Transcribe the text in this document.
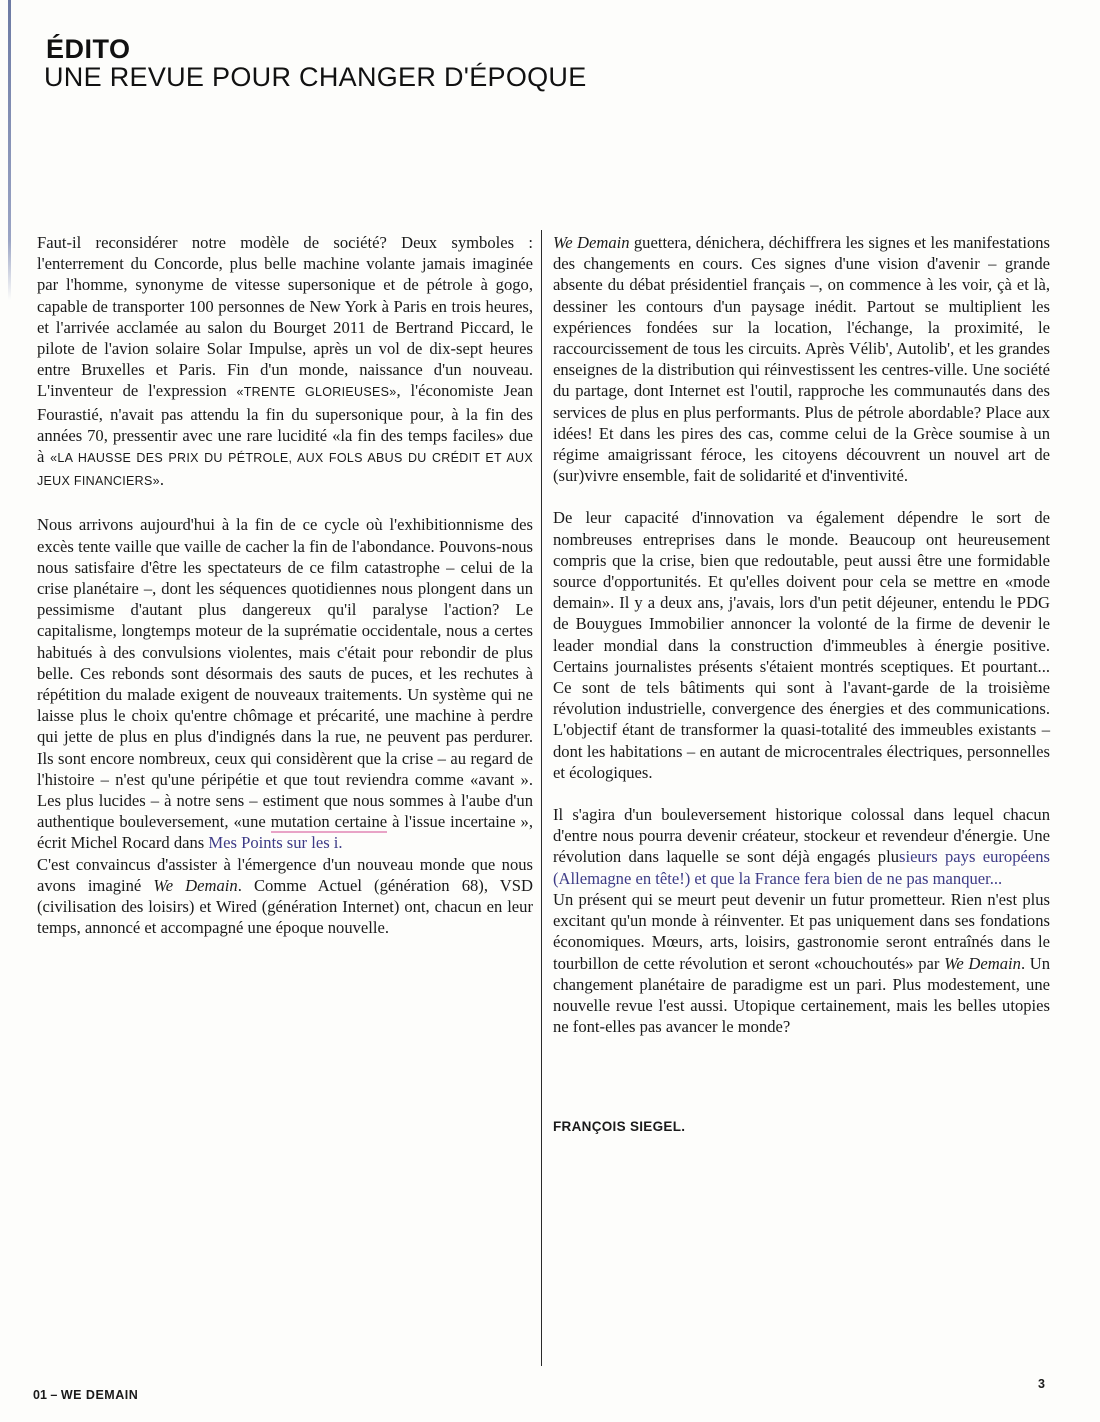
ÉDITO
UNE REVUE POUR CHANGER D'ÉPOQUE

Faut-il reconsidérer notre modèle de société? Deux symboles : l'enterrement du Concorde, plus belle machine volante jamais imaginée par l'homme, synonyme de vitesse supersonique et de pétrole à gogo, capable de transporter 100 personnes de New York à Paris en trois heures, et l'arrivée acclamée au salon du Bourget 2011 de Bertrand Piccard, le pilote de l'avion solaire Solar Impulse, après un vol de dix-sept heures entre Bruxelles et Paris. Fin d'un monde, naissance d'un nouveau. L'inventeur de l'expression «TRENTE GLORIEUSES», l'économiste Jean Fourastié, n'avait pas attendu la fin du supersonique pour, à la fin des années 70, pressentir avec une rare lucidité «la fin des temps faciles» due à «LA HAUSSE DES PRIX DU PÉTROLE, AUX FOLS ABUS DU CRÉDIT ET AUX JEUX FINANCIERS».

Nous arrivons aujourd'hui à la fin de ce cycle où l'exhibitionnisme des excès tente vaille que vaille de cacher la fin de l'abondance. Pouvons-nous nous satisfaire d'être les spectateurs de ce film catastrophe – celui de la crise planétaire –, dont les séquences quotidiennes nous plongent dans un pessimisme d'autant plus dangereux qu'il paralyse l'action? Le capitalisme, longtemps moteur de la suprématie occidentale, nous a certes habitués à des convulsions violentes, mais c'était pour rebondir de plus belle. Ces rebonds sont désormais des sauts de puces, et les rechutes à répétition du malade exigent de nouveaux traitements. Un système qui ne laisse plus le choix qu'entre chômage et précarité, une machine à perdre qui jette de plus en plus d'indignés dans la rue, ne peuvent pas perdurer. Ils sont encore nombreux, ceux qui considèrent que la crise – au regard de l'histoire – n'est qu'une péripétie et que tout reviendra comme «avant ». Les plus lucides – à notre sens – estiment que nous sommes à l'aube d'un authentique bouleversement, «une mutation certaine à l'issue incertaine », écrit Michel Rocard dans Mes Points sur les i.

C'est convaincus d'assister à l'émergence d'un nouveau monde que nous avons imaginé We Demain. Comme Actuel (génération 68), VSD (civilisation des loisirs) et Wired (génération Internet) ont, chacun en leur temps, annoncé et accompagné une époque nouvelle.

We Demain guettera, dénichera, déchiffrera les signes et les manifestations des changements en cours. Ces signes d'une vision d'avenir – grande absente du débat présidentiel français –, on commence à les voir, çà et là, dessiner les contours d'un paysage inédit. Partout se multiplient les expériences fondées sur la location, l'échange, la proximité, le raccourcissement de tous les circuits. Après Vélib', Autolib', et les grandes enseignes de la distribution qui réinvestissent les centres-ville. Une société du partage, dont Internet est l'outil, rapproche les communautés dans des services de plus en plus performants. Plus de pétrole abordable? Place aux idées! Et dans les pires des cas, comme celui de la Grèce soumise à un régime amaigrissant féroce, les citoyens découvrent un nouvel art de (sur)vivre ensemble, fait de solidarité et d'inventivité.

De leur capacité d'innovation va également dépendre le sort de nombreuses entreprises dans le monde. Beaucoup ont heureusement compris que la crise, bien que redoutable, peut aussi être une formidable source d'opportunités. Et qu'elles doivent pour cela se mettre en «mode demain». Il y a deux ans, j'avais, lors d'un petit déjeuner, entendu le PDG de Bouygues Immobilier annoncer la volonté de la firme de devenir le leader mondial dans la construction d'immeubles à énergie positive. Certains journalistes présents s'étaient montrés sceptiques. Et pourtant... Ce sont de tels bâtiments qui sont à l'avant-garde de la troisième révolution industrielle, convergence des énergies et des communications. L'objectif étant de transformer la quasi-totalité des immeubles existants – dont les habitations – en autant de microcentrales électriques, personnelles et écologiques.

Il s'agira d'un bouleversement historique colossal dans lequel chacun d'entre nous pourra devenir créateur, stockeur et revendeur d'énergie. Une révolution dans laquelle se sont déjà engagés plusieurs pays européens (Allemagne en tête!) et que la France fera bien de ne pas manquer...

Un présent qui se meurt peut devenir un futur prometteur. Rien n'est plus excitant qu'un monde à réinventer. Et pas uniquement dans ses fondations économiques. Mœurs, arts, loisirs, gastronomie seront entraînés dans le tourbillon de cette révolution et seront «chouchoutés» par We Demain. Un changement planétaire de paradigme est un pari. Plus modestement, une nouvelle revue l'est aussi. Utopique certainement, mais les belles utopies ne font-elles pas avancer le monde?

FRANÇOIS SIEGEL.
01 – WE DEMAIN
3
